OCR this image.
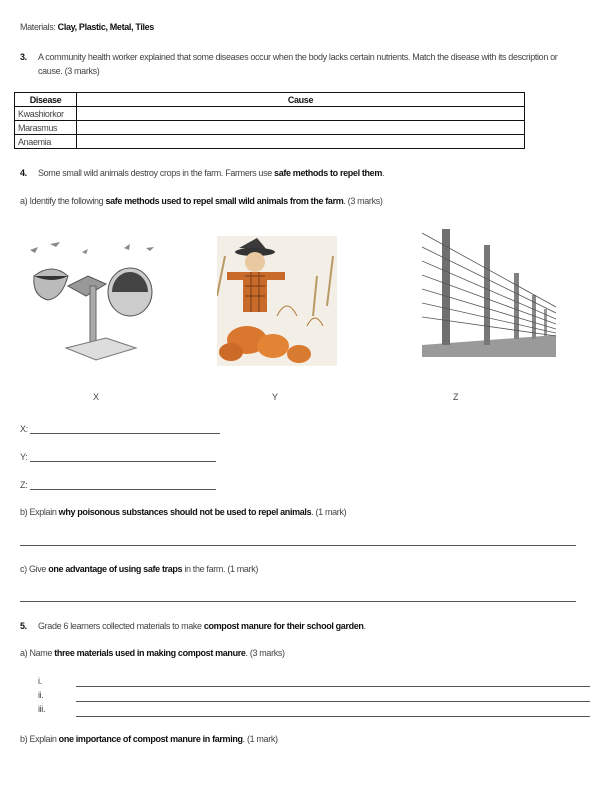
Materials: Clay, Plastic, Metal, Tiles
3. A community health worker explained that some diseases occur when the body lacks certain nutrients. Match the disease with its description or
cause. (3 marks)
Disease	Cause
Kwashiorkor	
Marasmus	
Anaemia	
4. Some small wild animals destroy crops in the farm. Farmers use safe methods to repel them.
a) Identify the following safe methods used to repel small wild animals from the farm. (3 marks)
X	Y	Z
X:
Y:
Z:
b) Explain why poisonous substances should not be used to repel animals. (1 mark)
c) Give one advantage of using safe traps in the farm. (1 mark)
5. Grade 6 learners collected materials to make compost manure for their school garden.
a) Name three materials used in making compost manure. (3 marks)
i.
ii.
iii.
b) Explain one importance of compost manure in farming. (1 mark)
